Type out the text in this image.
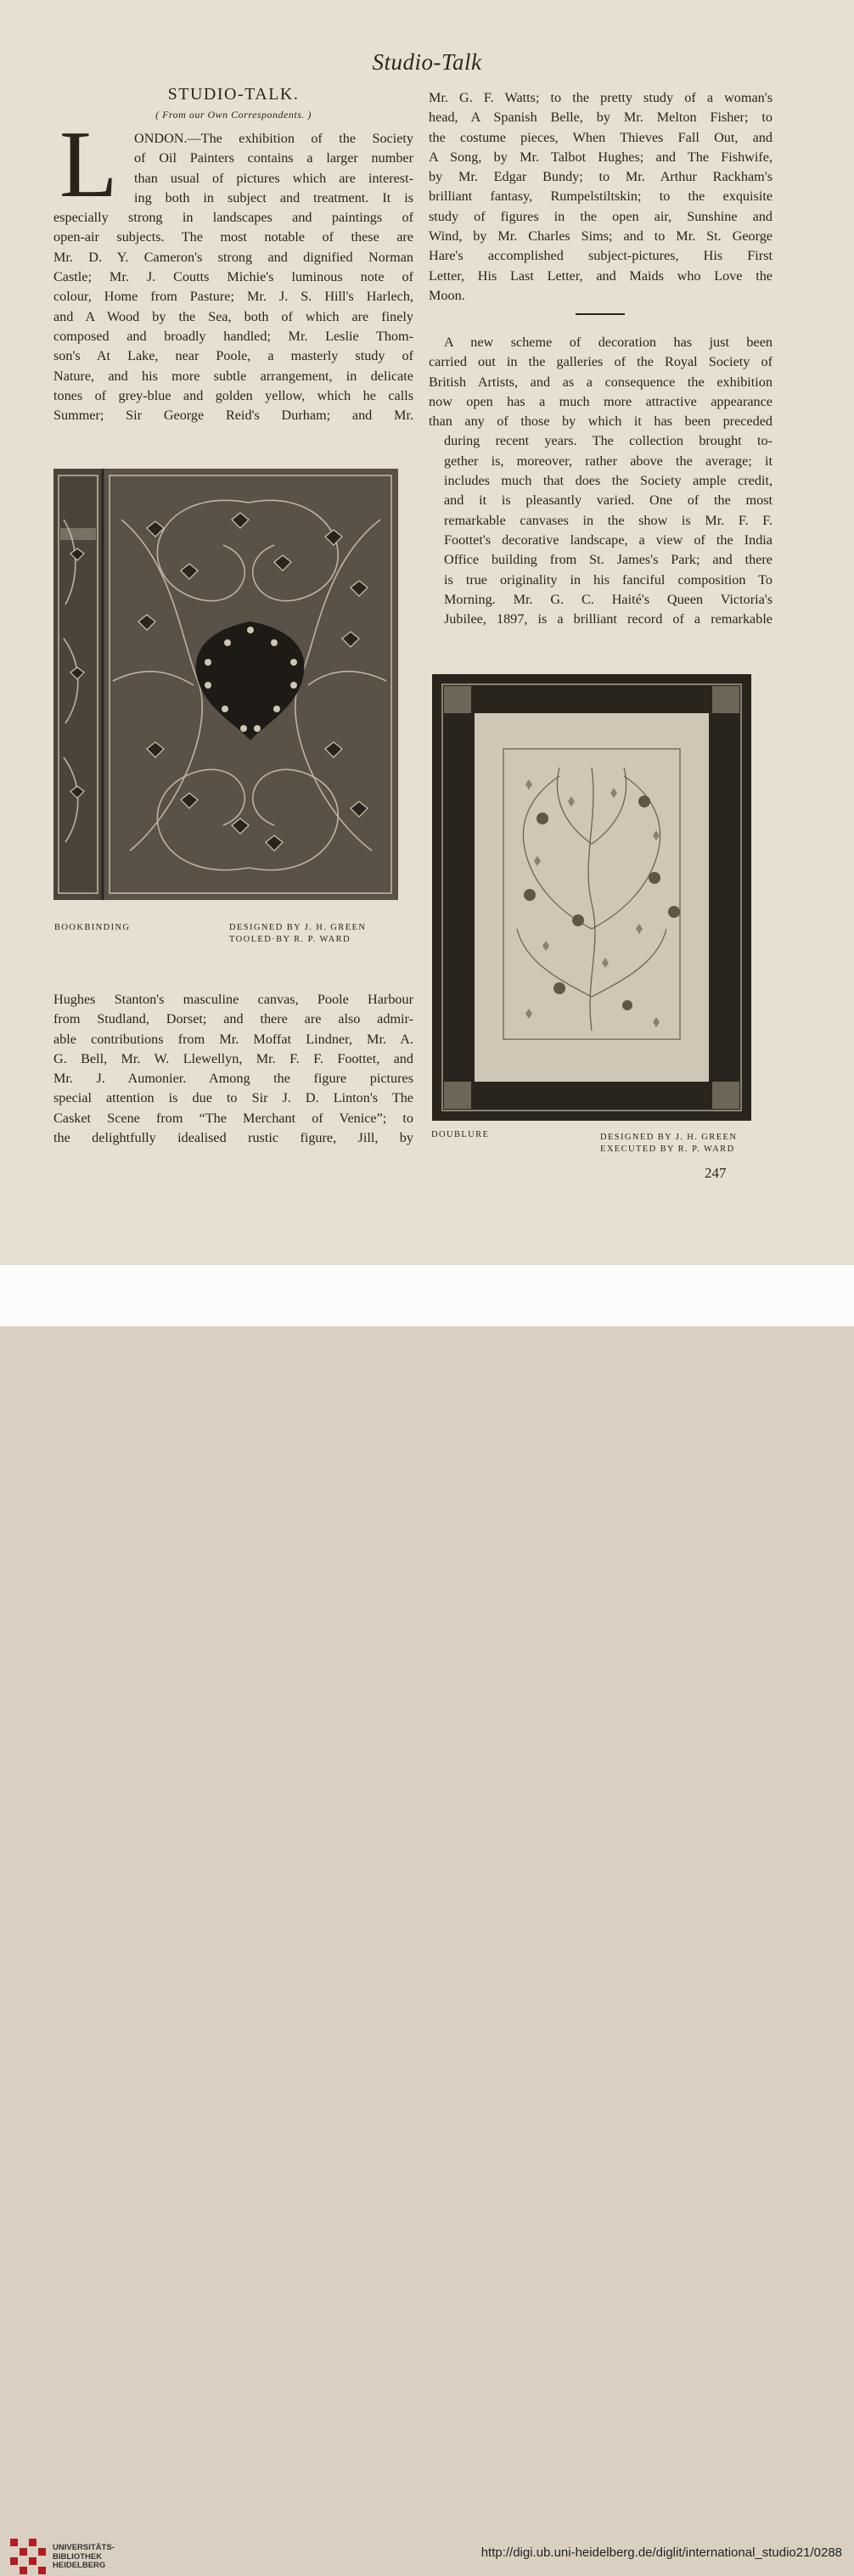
Studio-Talk
STUDIO-TALK.
( From our Own Correspondents. )
L	ONDON.—The exhibition of the Society
of Oil Painters contains a larger number
than usual of pictures which are interest-
ing both in subject and treatment. It is
especially strong in landscapes and paintings of
open-air subjects. The most notable of these are
Mr. D. Y. Cameron's strong and dignified Norman
Castle; Mr. J. Coutts Michie's luminous note of
colour, Home from Pasture; Mr. J. S. Hill's Harlech,
and A Wood by the Sea, both of which are finely
composed and broadly handled; Mr. Leslie Thom-
son's At Lake, near Poole, a masterly study of
Nature, and his more subtle arrangement, in delicate
tones of grey-blue and golden yellow, which he calls
Summer; Sir George Reid's Durham; and Mr.
Mr. G. F. Watts; to the pretty study of a woman's
head, A Spanish Belle, by Mr. Melton Fisher; to
the costume pieces, When Thieves Fall Out, and
A Song, by Mr. Talbot Hughes; and The Fishwife,
by Mr. Edgar Bundy; to Mr. Arthur Rackham's
brilliant fantasy, Rumpelstiltskin; to the exquisite
study of figures in the open air, Sunshine and
Wind, by Mr. Charles Sims; and to Mr. St. George
Hare's accomplished subject-pictures, His First
Letter, His Last Letter, and Maids who Love the
Moon.
A new scheme of decoration has just been
carried out in the galleries of the Royal Society of
British Artists, and as a consequence the exhibition
now open has a much more attractive appearance
than any of those by which it has been preceded
during recent years. The collection brought to-
gether is, moreover, rather above the average; it
includes much that does the Society ample credit,
and it is pleasantly varied. One of the most
remarkable canvases in the show is Mr. F. F.
Foottet's decorative landscape, a view of the India
Office building from St. James's Park; and there
is true originality in his fanciful composition To
Morning. Mr. G. C. Haité's Queen Victoria's
Jubilee, 1897, is a brilliant record of a remarkable
BOOKBINDING	DESIGNED BY J. H. GREEN
TOOLED·BY R. P. WARD
DOUBLURE	DESIGNED BY J. H. GREEN
EXECUTED BY R. P. WARD
Hughes Stanton's masculine canvas, Poole Harbour
from Studland, Dorset; and there are also admir-
able contributions from Mr. Moffat Lindner, Mr. A.
G. Bell, Mr. W. Llewellyn, Mr. F. F. Foottet, and
Mr. J. Aumonier. Among the figure pictures
special attention is due to Sir J. D. Linton's The
Casket Scene from “The Merchant of Venice”; to
the delightfully idealised rustic figure, Jill, by
247
UNIVERSITÄTS-
BIBLIOTHEK
HEIDELBERG
http://digi.ub.uni-heidelberg.de/diglit/international_studio21/0288
